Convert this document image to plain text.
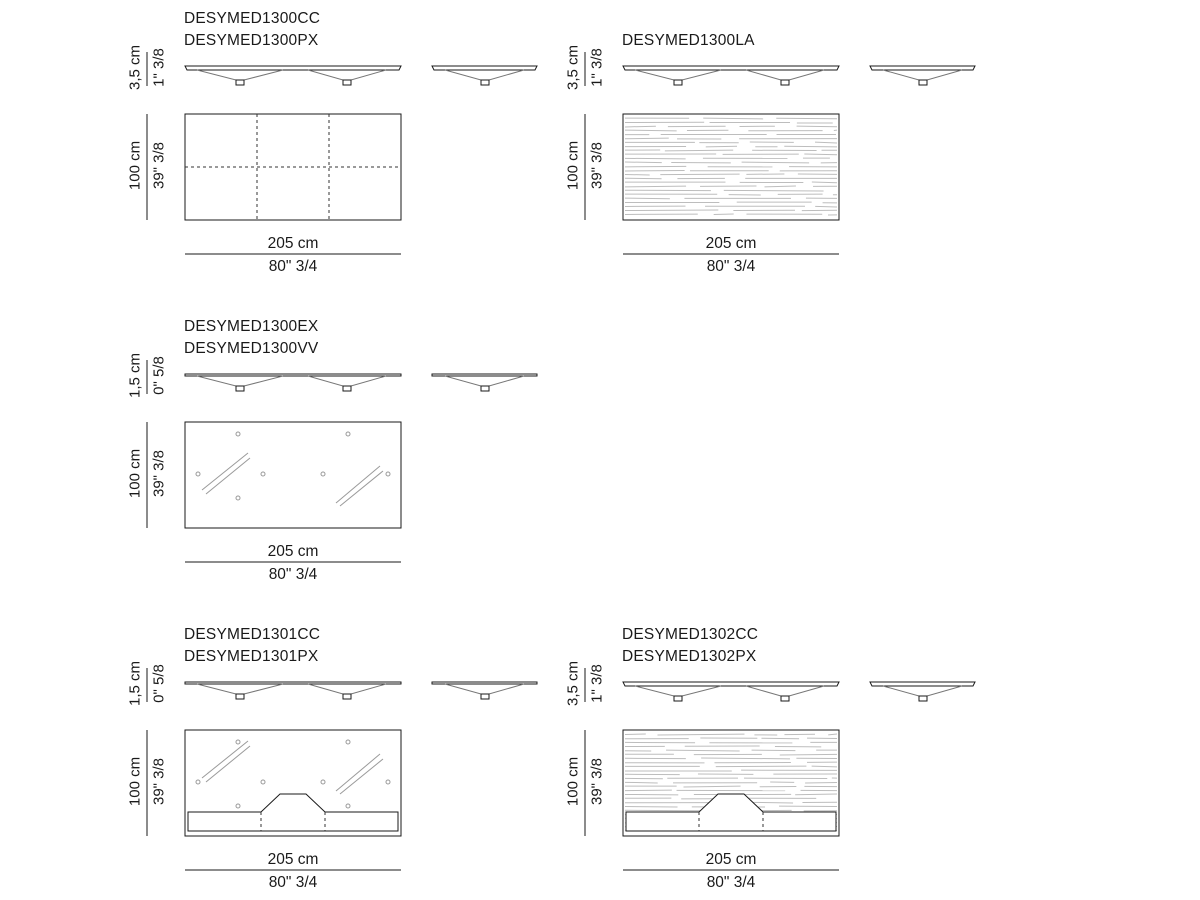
DESYMED1300CC
DESYMED1300PX
3,5 cm 1" 3/8
100 cm 39" 3/8
205 cm
80" 3/4
DESYMED1300LA
3,5 cm 1" 3/8
100 cm 39" 3/8
205 cm
80" 3/4
DESYMED1300EX
DESYMED1300VV
1,5 cm 0" 5/8
100 cm 39" 3/8
205 cm
80" 3/4
DESYMED1301CC
DESYMED1301PX
1,5 cm 0" 5/8
100 cm 39" 3/8
205 cm
80" 3/4
DESYMED1302CC
DESYMED1302PX
3,5 cm 1" 3/8
100 cm 39" 3/8
205 cm
80" 3/4
